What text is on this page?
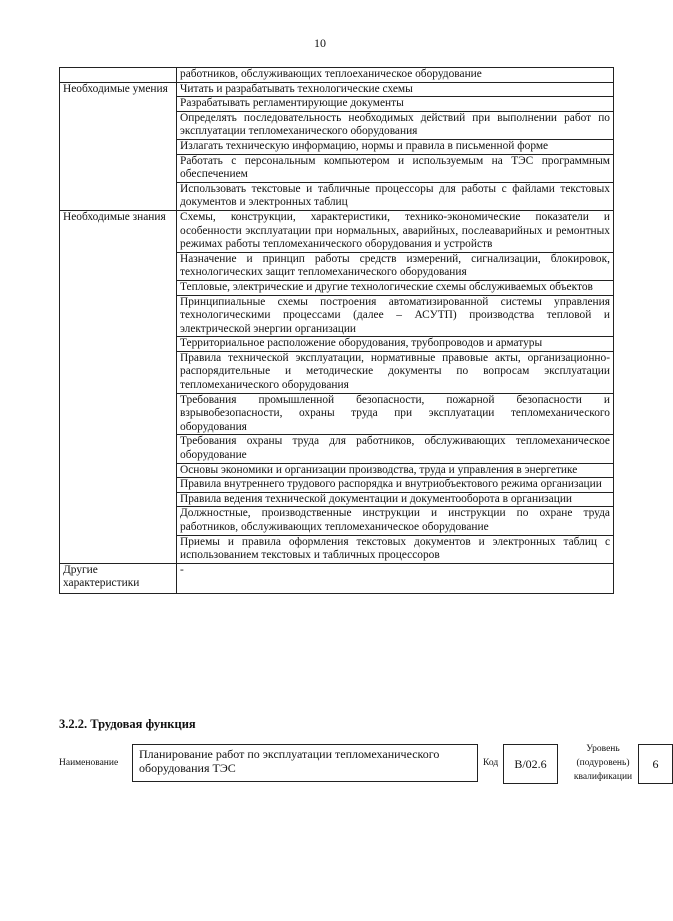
10
	работников, обслуживающих теплоеханическое оборудование
Необходимые умения	Читать и разрабатывать технологические схемы
	Разрабатывать регламентирующие документы
	Определять последовательность необходимых действий при выполнении работ по эксплуатации тепломеханического оборудования
	Излагать техническую информацию, нормы и правила в письменной форме
	Работать с персональным компьютером и используемым на ТЭС программным обеспечением
	Использовать текстовые и табличные процессоры для работы с файлами текстовых документов и электронных таблиц
Необходимые знания	Схемы, конструкции, характеристики, технико-экономические показатели и особенности эксплуатации при нормальных, аварийных, послеаварийных и ремонтных режимах работы тепломеханического оборудования и устройств
	Назначение и принцип работы средств измерений, сигнализации, блокировок, технологических защит тепломеханического оборудования
	Тепловые, электрические и другие технологические схемы обслуживаемых объектов
	Принципиальные схемы построения автоматизированной системы управления технологическими процессами (далее – АСУТП) производства тепловой и электрической энергии организации
	Территориальное расположение оборудования, трубопроводов и арматуры
	Правила технической эксплуатации, нормативные правовые акты, организационно-распорядительные и методические документы по вопросам эксплуатации тепломеханического оборудования
	Требования промышленной безопасности, пожарной безопасности и взрывобезопасности, охраны труда при эксплуатации тепломеханического оборудования
	Требования охраны труда для работников, обслуживающих тепломеханическое оборудование
	Основы экономики и организации производства, труда и управления в энергетике
	Правила внутреннего трудового распорядка и внутриобъектового режима организации
	Правила ведения технической документации и документооборота в организации
	Должностные, производственные инструкции и инструкции по охране труда работников, обслуживающих тепломеханическое оборудование
	Приемы и правила оформления текстовых документов и электронных таблиц с использованием текстовых и табличных процессоров
Другие характеристики	-
3.2.2. Трудовая функция
Наименование
Планирование работ по эксплуатации тепломеханического оборудования ТЭС	Код	B/02.6
Уровень (подуровень) квалификации
6
